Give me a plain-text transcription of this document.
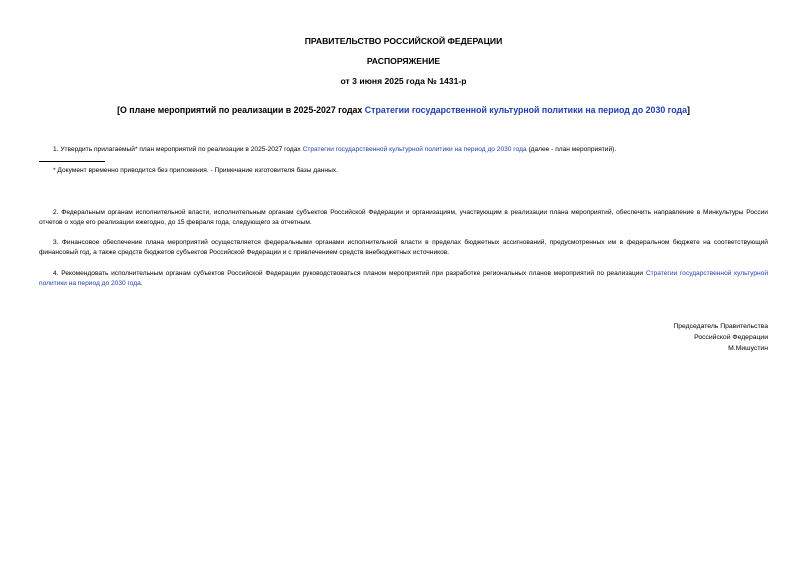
ПРАВИТЕЛЬСТВО РОССИЙСКОЙ ФЕДЕРАЦИИ
РАСПОРЯЖЕНИЕ
от 3 июня 2025 года № 1431-р
[О плане мероприятий по реализации в 2025-2027 годах Стратегии государственной культурной политики на период до 2030 года]
1. Утвердить прилагаемый* план мероприятий по реализации в 2025-2027 годах Стратегии государственной культурной политики на период до 2030 года (далее - план мероприятий).
* Документ временно приводится без приложения. - Примечание изготовителя базы данных.
2. Федеральным органам исполнительной власти, исполнительным органам субъектов Российской Федерации и организациям, участвующим в реализации плана мероприятий, обеспечить направление в Минкультуры России отчетов о ходе его реализации ежегодно, до 15 февраля года, следующего за отчетным.
3. Финансовое обеспечение плана мероприятий осуществляется федеральными органами исполнительной власти в пределах бюджетных ассигнований, предусмотренных им в федеральном бюджете на соответствующий финансовый год, а также средств бюджетов субъектов Российской Федерации и с привлечением средств внебюджетных источников.
4. Рекомендовать исполнительным органам субъектов Российской Федерации руководствоваться планом мероприятий при разработке региональных планов мероприятий по реализации Стратегии государственной культурной политики на период до 2030 года.
Председатель Правительства
Российской Федерации
М.Мишустин
